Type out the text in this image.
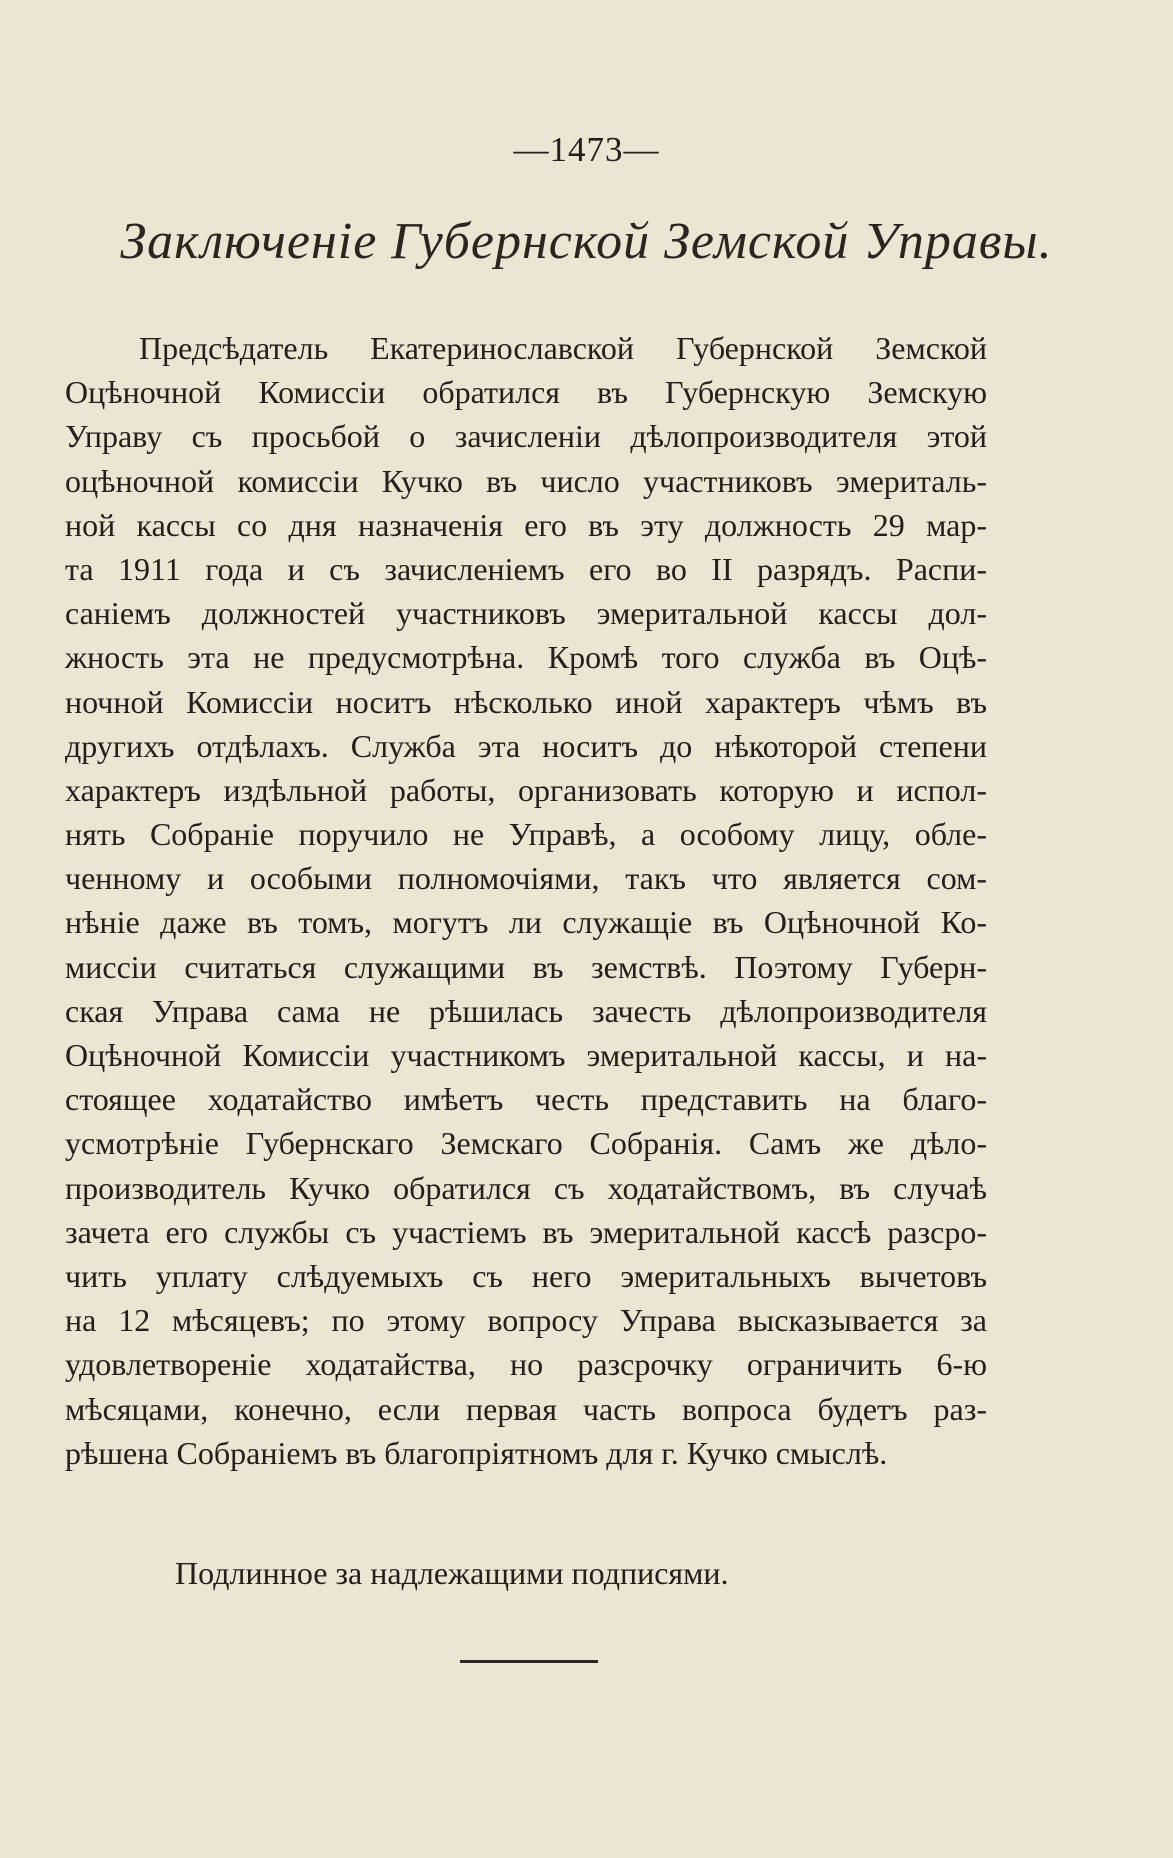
—1473—
Заключенiе Губернской Земской Управы.
Предсѣдатель Екатеринославской Губернской Земской
Оцѣночной Комиссiи обратился въ Губернскую Земскую
Управу съ просьбой о зачисленiи дѣлопроизводителя этой
оцѣночной комиссiи Кучко въ число участниковъ эмериталь-
ной кассы со дня назначенiя его въ эту должность 29 мар-
та 1911 года и съ зачисленiемъ его во II разрядъ. Распи-
санiемъ должностей участниковъ эмеритальной кассы дол-
жность эта не предусмотрѣна. Кромѣ того служба въ Оцѣ-
ночной Комиссiи носитъ нѣсколько иной характеръ чѣмъ въ
другихъ отдѣлахъ. Служба эта носитъ до нѣкоторой степени
характеръ издѣльной работы, организовать которую и испол-
нять Собранiе поручило не Управѣ, а особому лицу, обле-
ченному и особыми полномочiями, такъ что является сом-
нѣнiе даже въ томъ, могутъ ли служащiе въ Оцѣночной Ко-
миссiи считаться служащими въ земствѣ. Поэтому Губерн-
ская Управа сама не рѣшилась зачесть дѣлопроизводителя
Оцѣночной Комиссiи участникомъ эмеритальной кассы, и на-
стоящее ходатайство имѣетъ честь представить на благо-
усмотрѣнiе Губернскаго Земскаго Собранiя. Самъ же дѣло-
производитель Кучко обратился съ ходатайствомъ, въ случаѣ
зачета его службы съ участiемъ въ эмеритальной кассѣ разсро-
чить уплату слѣдуемыхъ съ него эмеритальныхъ вычетовъ
на 12 мѣсяцевъ; по этому вопросу Управа высказывается за
удовлетворенiе ходатайства, но разсрочку ограничить 6-ю
мѣсяцами, конечно, если первая часть вопроса будетъ раз-
рѣшена Собранiемъ въ благопрiятномъ для г. Кучко смыслѣ.
Подлинное за надлежащими подписями.
